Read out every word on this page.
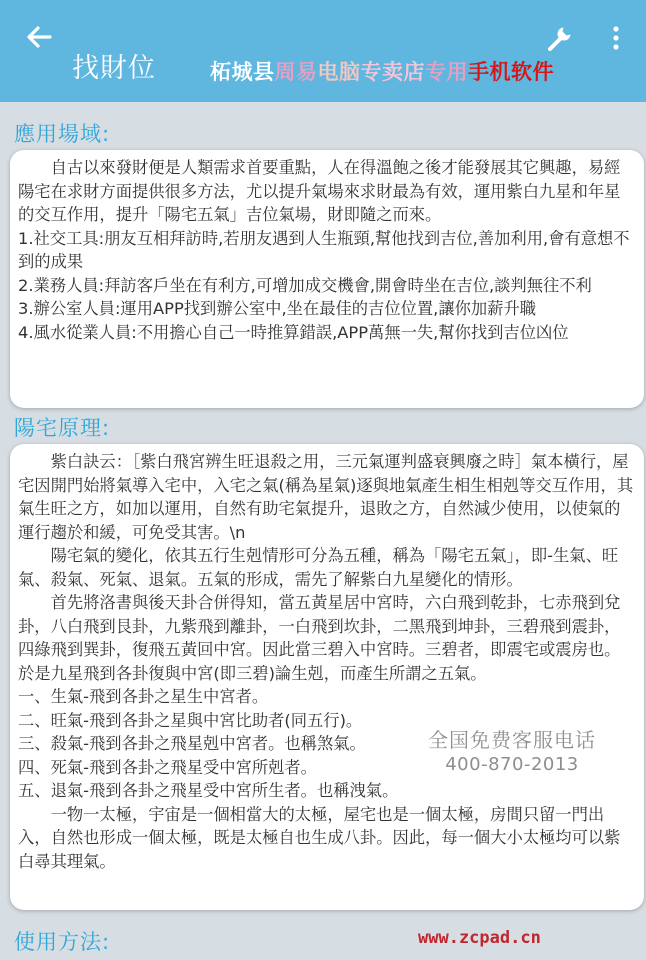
找財位	柘城县周易电脑专卖店专用手机软件
應用場域:

　　自古以來發財便是人類需求首要重點，人在得溫飽之後才能發展其它興趣，易經陽宅在求財方面提供很多方法，尤以提升氣場來求財最為有效，運用紫白九星和年星的交互作用，提升「陽宅五氣」吉位氣場，財即隨之而來。

1.社交工具:朋友互相拜訪時,若朋友遇到人生瓶頸,幫他找到吉位,善加利用,會有意想不到的成果

2.業務人員:拜訪客戶坐在有利方,可增加成交機會,開會時坐在吉位,談判無往不利

3.辦公室人員:運用APP找到辦公室中,坐在最佳的吉位位置,讓你加薪升職

4.風水從業人員:不用擔心自己一時推算錯誤,APP萬無一失,幫你找到吉位凶位

陽宅原理:

　　紫白訣云：［紫白飛宮辨生旺退殺之用，三元氣運判盛衰興廢之時］氣本橫行，屋宅因開門始將氣導入宅中，入宅之氣(稱為星氣)逐與地氣產生相生相剋等交互作用，其氣生旺之方，如加以運用，自然有助宅氣提升，退敗之方，自然減少使用，以使氣的運行趨於和緩，可免受其害。\n

　　陽宅氣的變化，依其五行生剋情形可分為五種，稱為「陽宅五氣」，即-生氣、旺氣、殺氣、死氣、退氣。五氣的形成，需先了解紫白九星變化的情形。

　　首先將洛書與後天卦合併得知，當五黃星居中宮時，六白飛到乾卦，七赤飛到兌卦，八白飛到艮卦，九紫飛到離卦，一白飛到坎卦，二黑飛到坤卦，三碧飛到震卦，四綠飛到巽卦，復飛五黃回中宮。因此當三碧入中宮時。三碧者，即震宅或震房也。於是九星飛到各卦復與中宮(即三碧)論生剋，而產生所謂之五氣。

一、生氣-飛到各卦之星生中宮者。

二、旺氣-飛到各卦之星與中宮比助者(同五行)。

三、殺氣-飛到各卦之飛星剋中宮者。也稱煞氣。

四、死氣-飛到各卦之飛星受中宮所剋者。

五、退氣-飛到各卦之飛星受中宮所生者。也稱洩氣。

　　一物一太極，宇宙是一個相當大的太極，屋宅也是一個太極，房間只留一門出入，自然也形成一個太極，既是太極自也生成八卦。因此，每一個大小太極均可以紫白尋其理氣。

全国免费客服电话
400-870-2013
使用方法:	www.zcpad.cn
